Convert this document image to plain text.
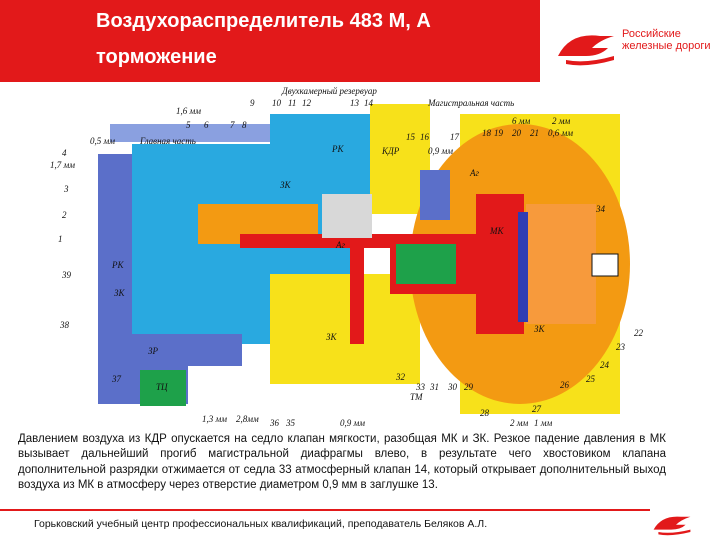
Воздухораспределитель 483 М, А
торможение
Российские
железные дороги
Двухкамерный резервуар
Главная часть
Магистральная часть
РК
ЗК
ЗК
МК
ЗР
ТЦ
КДР
Аг
ТМ
РК
ЗК
Аг
ЗК
9 10 11 12	13 14
1,6 мм
5 6 7 8
0,5 мм
4
1,7 мм
3
2
1
39
38
37
15 16 17
0,9 мм
6 мм 2 мм
18 19 20 21 0,6 мм
34
22
23
1,3 мм 2,8мм 36 35	0,9 мм
32
33 31 30 29
28	27
26
25
24
2 мм 1 мм
Давлением воздуха из КДР опускается на седло клапан мягкости, разобщая МК и ЗК. Резкое падение давления в МК вызывает дальнейший прогиб магистральной диафрагмы влево, в результате чего хвостовиком клапана дополнительной разрядки отжимается от седла 33 атмосферный клапан 14, который открывает дополнительный выход воздуха из МК в атмосферу через отверстие диаметром 0,9 мм в заглушке 13.
Горьковский учебный центр профессиональных квалификаций, преподаватель Беляков А.Л.
